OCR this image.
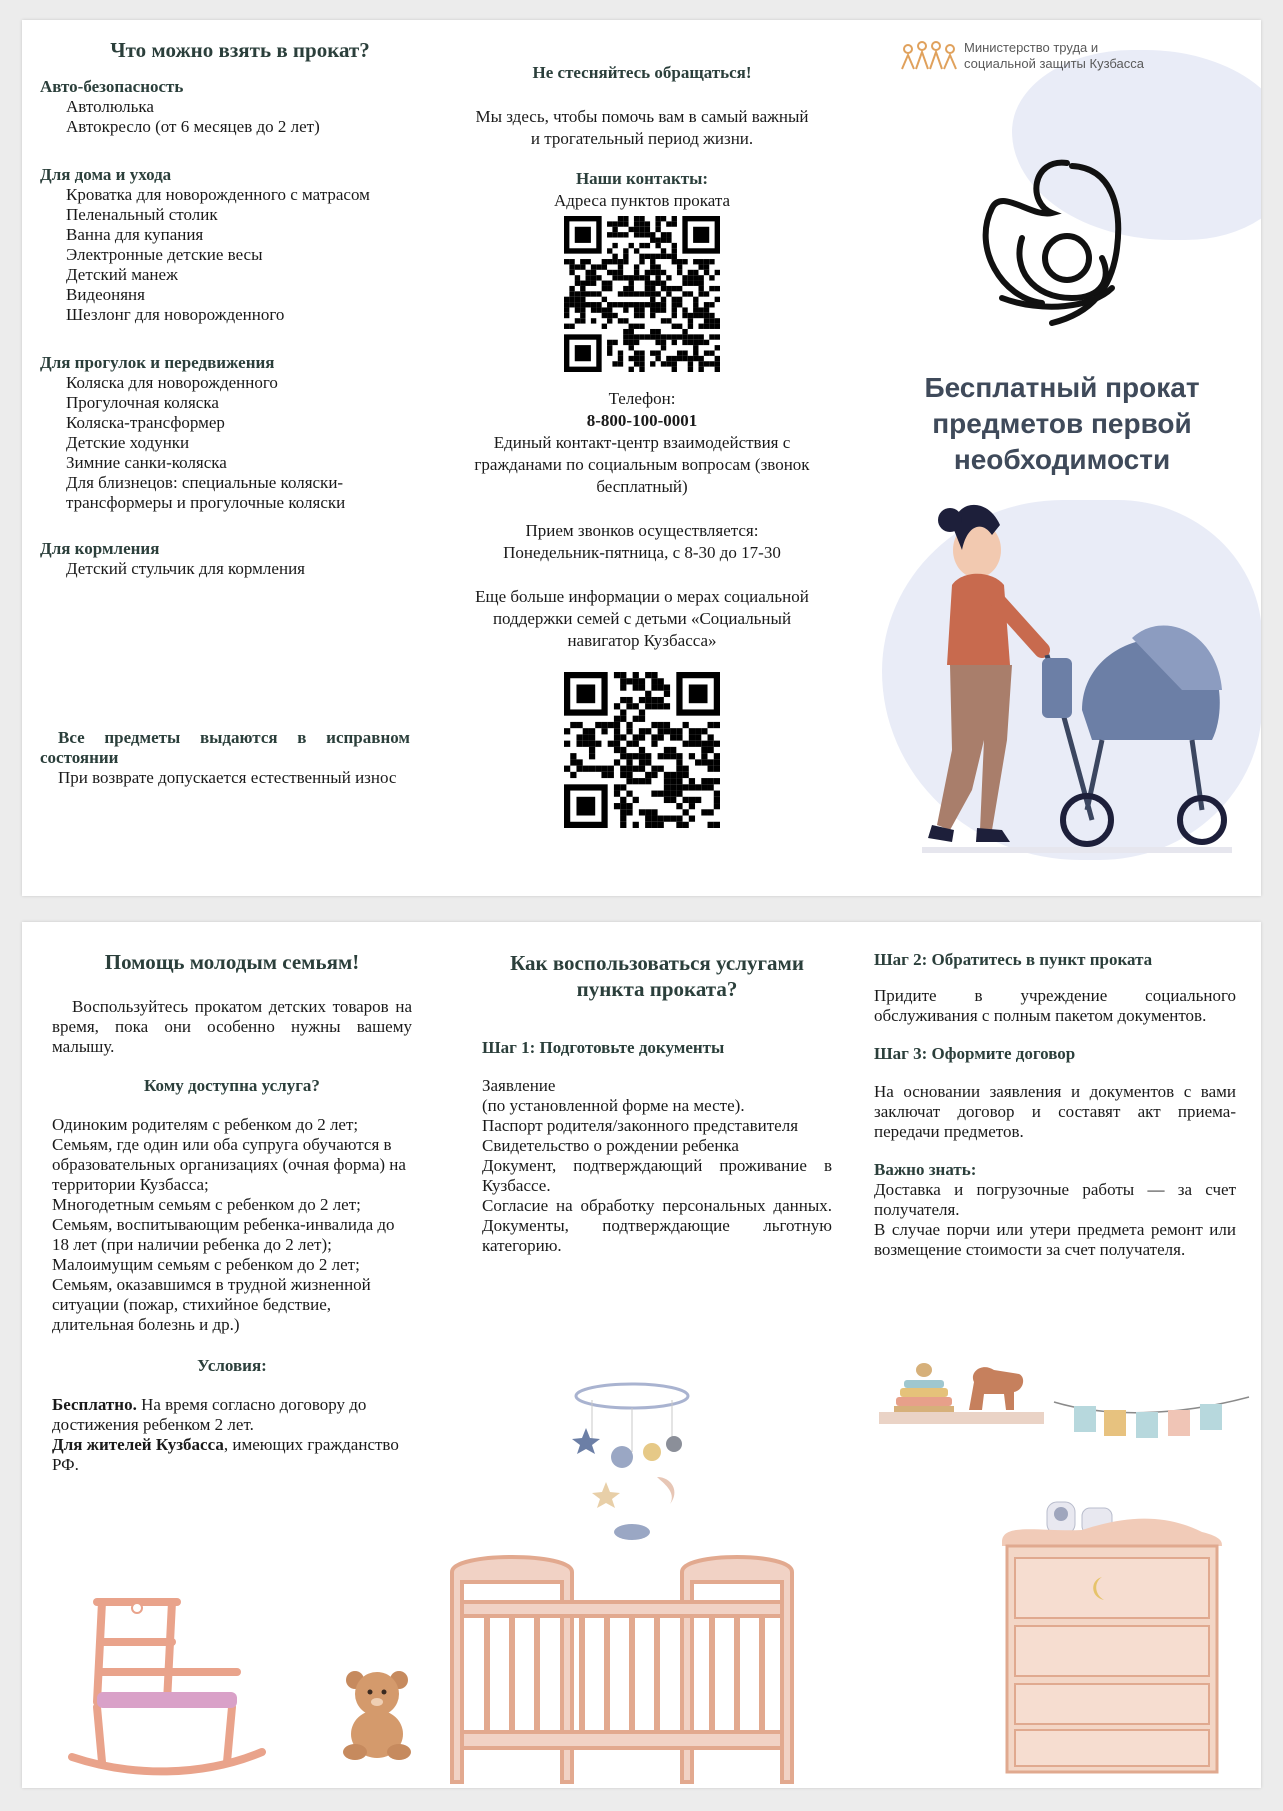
Что можно взять в прокат?

Авто-безопасность

Автолюлька
Автокресло (от 6 месяцев до 2 лет)

Для дома и ухода

Кроватка для новорожденного с матрасом
Пеленальный столик
Ванна для купания
Электронные детские весы
Детский манеж
Видеоняня
Шезлонг для новорожденного

Для прогулок и передвижения

Коляска для новорожденного
Прогулочная коляска
Коляска-трансформер
Детские ходунки
Зимние санки-коляска
Для близнецов: специальные коляски-трансформеры и прогулочные коляски

Для кормления

Детский стульчик для кормления

Все предметы выдаются в исправном состоянии

При возврате допускается естественный износ

Не стесняйтесь обращаться!

Мы здесь, чтобы помочь вам в самый важный и трогательный период жизни.

Наши контакты:

Адреса пунктов проката

Телефон:

8-800-100-0001

Единый контакт-центр взаимодействия с гражданами по социальным вопросам (звонок бесплатный)

Прием звонков осуществляется:

Понедельник-пятница, с 8-30 до 17-30

Еще больше информации о мерах социальной поддержки семей с детьми «Социальный навигатор Кузбасса»

Министерство труда и
социальной защиты Кузбасса
Бесплатный прокат предметов первой необходимости
Помощь молодым семьям!

Воспользуйтесь прокатом детских товаров на время, пока они особенно нужны вашему малышу.

Кому доступна услуга?

Одиноким родителям с ребенком до 2 лет;

Семьям, где один или оба супруга обучаются в образовательных организациях (очная форма) на территории Кузбасса;

Многодетным семьям с ребенком до 2 лет;

Семьям, воспитывающим ребенка-инвалида до 18 лет (при наличии ребенка до 2 лет);

Малоимущим семьям с ребенком до 2 лет;

Семьям, оказавшимся в трудной жизненной ситуации (пожар, стихийное бедствие, длительная болезнь и др.)

Условия:

Бесплатно. На время согласно договору до достижения ребенком 2 лет.

Для жителей Кузбасса, имеющих гражданство РФ.

Как воспользоваться услугами пункта проката?

Шаг 1: Подготовьте документы

Заявление

(по установленной форме на месте).

Паспорт родителя/законного представителя

Свидетельство о рождении ребенка

Документ, подтверждающий проживание в Кузбассе.

Согласие на обработку персональных данных. Документы, подтверждающие льготную категорию.

Шаг 2: Обратитесь в пункт проката

Придите в учреждение социального обслуживания с полным пакетом документов.

Шаг 3: Оформите договор

На основании заявления и документов с вами заключат договор и составят акт приема-передачи предметов.

Важно знать:

Доставка и погрузочные работы — за счет получателя.

В случае порчи или утери предмета ремонт или возмещение стоимости за счет получателя.
